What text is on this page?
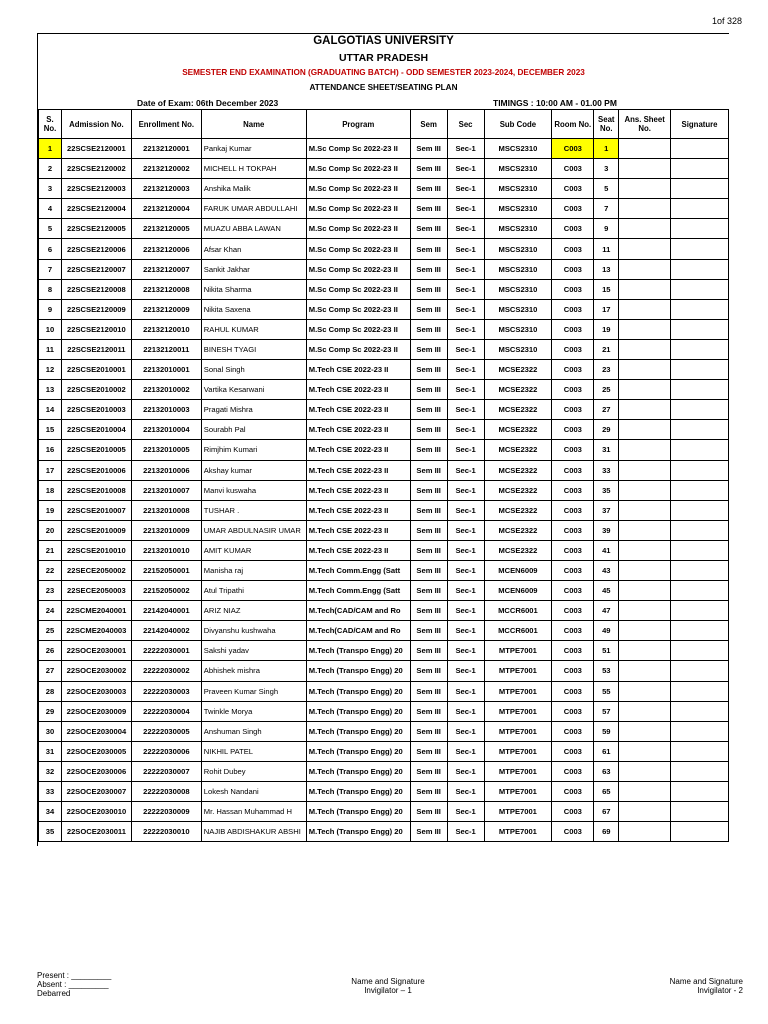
1of 328
GALGOTIAS UNIVERSITY
UTTAR PRADESH
SEMESTER END EXAMINATION (GRADUATING BATCH) - ODD SEMESTER 2023-2024, DECEMBER 2023
ATTENDANCE SHEET/SEATING PLAN
Date of Exam: 06th December 2023	TIMINGS : 10:00 AM - 01.00 PM
S. No.	Admission No.	Enrollment No.	Name	Program	Sem	Sec	Sub Code	Room No.	Seat No.	Ans. Sheet No.	Signature
1	22SCSE2120001	22132120001	Pankaj Kumar	M.Sc Comp Sc 2022-23 II	Sem III	Sec-1	MSCS2310	C003	1		
2	22SCSE2120002	22132120002	MICHELL H TOKPAH	M.Sc Comp Sc 2022-23 II	Sem III	Sec-1	MSCS2310	C003	3		
3	22SCSE2120003	22132120003	Anshika Malik	M.Sc Comp Sc 2022-23 II	Sem III	Sec-1	MSCS2310	C003	5		
4	22SCSE2120004	22132120004	FARUK UMAR ABDULLAHI	M.Sc Comp Sc 2022-23 II	Sem III	Sec-1	MSCS2310	C003	7		
5	22SCSE2120005	22132120005	MUAZU ABBA LAWAN	M.Sc Comp Sc 2022-23 II	Sem III	Sec-1	MSCS2310	C003	9		
6	22SCSE2120006	22132120006	Afsar Khan	M.Sc Comp Sc 2022-23 II	Sem III	Sec-1	MSCS2310	C003	11		
7	22SCSE2120007	22132120007	Sankit Jakhar	M.Sc Comp Sc 2022-23 II	Sem III	Sec-1	MSCS2310	C003	13		
8	22SCSE2120008	22132120008	Nikita Sharma	M.Sc Comp Sc 2022-23 II	Sem III	Sec-1	MSCS2310	C003	15		
9	22SCSE2120009	22132120009	Nikita Saxena	M.Sc Comp Sc 2022-23 II	Sem III	Sec-1	MSCS2310	C003	17		
10	22SCSE2120010	22132120010	RAHUL KUMAR	M.Sc Comp Sc 2022-23 II	Sem III	Sec-1	MSCS2310	C003	19		
11	22SCSE2120011	22132120011	BINESH TYAGI	M.Sc Comp Sc 2022-23 II	Sem III	Sec-1	MSCS2310	C003	21		
12	22SCSE2010001	22132010001	Sonal Singh	M.Tech CSE 2022-23 II	Sem III	Sec-1	MCSE2322	C003	23		
13	22SCSE2010002	22132010002	Vartika Kesarwani	M.Tech CSE 2022-23 II	Sem III	Sec-1	MCSE2322	C003	25		
14	22SCSE2010003	22132010003	Pragati Mishra	M.Tech CSE 2022-23 II	Sem III	Sec-1	MCSE2322	C003	27		
15	22SCSE2010004	22132010004	Sourabh Pal	M.Tech CSE 2022-23 II	Sem III	Sec-1	MCSE2322	C003	29		
16	22SCSE2010005	22132010005	Rimjhim Kumari	M.Tech CSE 2022-23 II	Sem III	Sec-1	MCSE2322	C003	31		
17	22SCSE2010006	22132010006	Akshay kumar	M.Tech CSE 2022-23 II	Sem III	Sec-1	MCSE2322	C003	33		
18	22SCSE2010008	22132010007	Manvi kuswaha	M.Tech CSE 2022-23 II	Sem III	Sec-1	MCSE2322	C003	35		
19	22SCSE2010007	22132010008	TUSHAR .	M.Tech CSE 2022-23 II	Sem III	Sec-1	MCSE2322	C003	37		
20	22SCSE2010009	22132010009	UMAR ABDULNASIR UMAR	M.Tech CSE 2022-23 II	Sem III	Sec-1	MCSE2322	C003	39		
21	22SCSE2010010	22132010010	AMIT KUMAR	M.Tech CSE 2022-23 II	Sem III	Sec-1	MCSE2322	C003	41		
22	22SECE2050002	22152050001	Manisha raj	M.Tech Comm.Engg (Satt	Sem III	Sec-1	MCEN6009	C003	43		
23	22SECE2050003	22152050002	Atul Tripathi	M.Tech Comm.Engg (Satt	Sem III	Sec-1	MCEN6009	C003	45		
24	22SCME2040001	22142040001	ARIZ NIAZ	M.Tech(CAD/CAM and Ro	Sem III	Sec-1	MCCR6001	C003	47		
25	22SCME2040003	22142040002	Divyanshu kushwaha	M.Tech(CAD/CAM and Ro	Sem III	Sec-1	MCCR6001	C003	49		
26	22SOCE2030001	22222030001	Sakshi yadav	M.Tech (Transpo Engg) 20	Sem III	Sec-1	MTPE7001	C003	51		
27	22SOCE2030002	22222030002	Abhishek mishra	M.Tech (Transpo Engg) 20	Sem III	Sec-1	MTPE7001	C003	53		
28	22SOCE2030003	22222030003	Praveen Kumar Singh	M.Tech (Transpo Engg) 20	Sem III	Sec-1	MTPE7001	C003	55		
29	22SOCE2030009	22222030004	Twinkle Morya	M.Tech (Transpo Engg) 20	Sem III	Sec-1	MTPE7001	C003	57		
30	22SOCE2030004	22222030005	Anshuman Singh	M.Tech (Transpo Engg) 20	Sem III	Sec-1	MTPE7001	C003	59		
31	22SOCE2030005	22222030006	NIKHIL PATEL	M.Tech (Transpo Engg) 20	Sem III	Sec-1	MTPE7001	C003	61		
32	22SOCE2030006	22222030007	Rohit Dubey	M.Tech (Transpo Engg) 20	Sem III	Sec-1	MTPE7001	C003	63		
33	22SOCE2030007	22222030008	Lokesh Nandani	M.Tech (Transpo Engg) 20	Sem III	Sec-1	MTPE7001	C003	65		
34	22SOCE2030010	22222030009	Mr. Hassan Muhammad H	M.Tech (Transpo Engg) 20	Sem III	Sec-1	MTPE7001	C003	67		
35	22SOCE2030011	22222030010	NAJIB ABDISHAKUR ABSHI	M.Tech (Transpo Engg) 20	Sem III	Sec-1	MTPE7001	C003	69		
Present : _________
Absent : _________
Debarred
Name and Signature
Invigilator – 1
Name and Signature
Invigilator - 2
